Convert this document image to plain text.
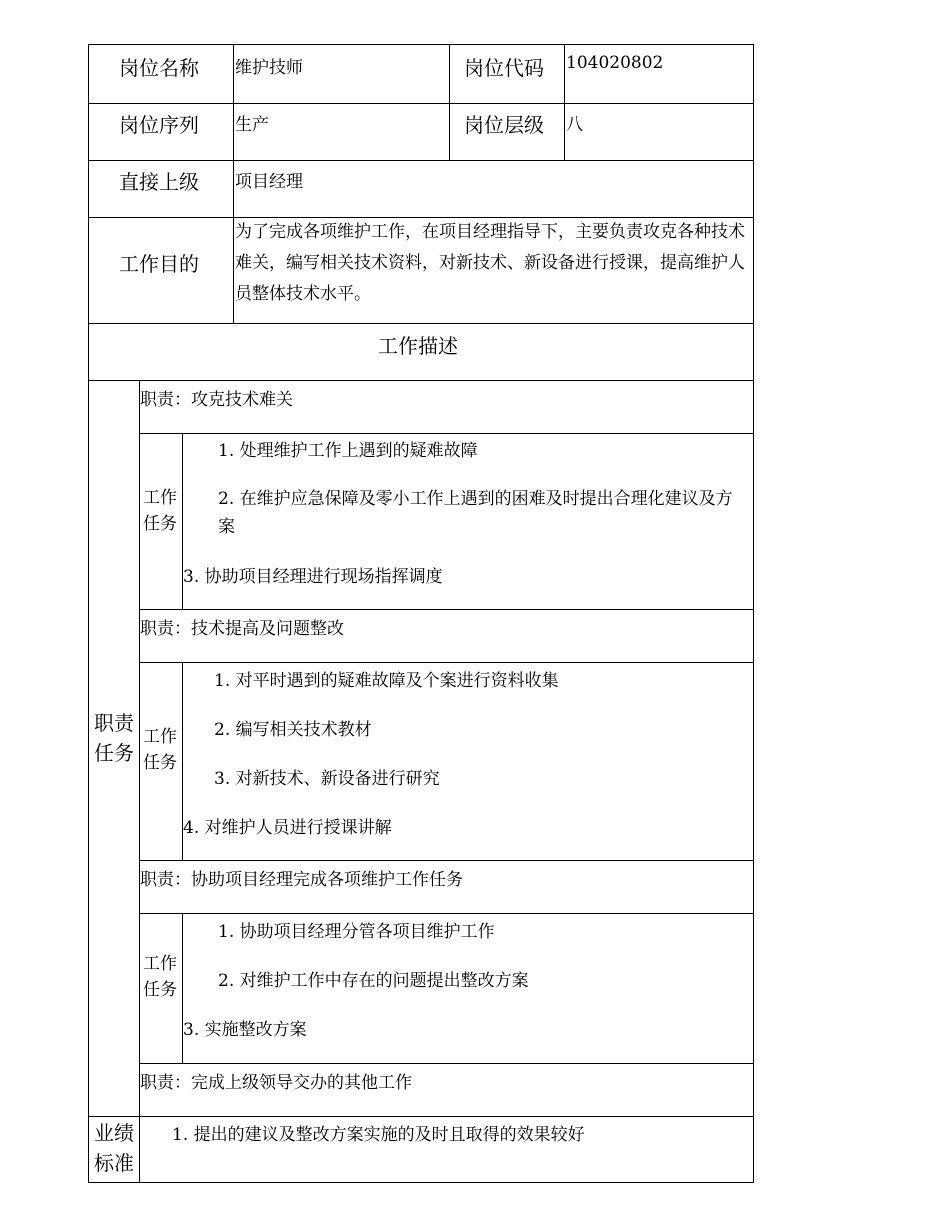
岗位名称 维护技师	岗位代码 104020802
岗位序列 生产	岗位层级 八
直接上级 项目经理
工作目的
为了完成各项维护工作，在项目经理指导下，主要负责攻克各种技术难关，编写相关技术资料，对新技术、新设备进行授课，提高维护人员整体技术水平。
工作描述
职责任务
职责：攻克技术难关
工作任务
1. 处理维护工作上遇到的疑难故障
2. 在维护应急保障及零小工作上遇到的困难及时提出合理化建议及方案
3. 协助项目经理进行现场指挥调度
职责：技术提高及问题整改
工作任务
1. 对平时遇到的疑难故障及个案进行资料收集
2. 编写相关技术教材
3. 对新技术、新设备进行研究
4. 对维护人员进行授课讲解
职责：协助项目经理完成各项维护工作任务
工作任务
1. 协助项目经理分管各项目维护工作
2. 对维护工作中存在的问题提出整改方案
3. 实施整改方案
职责：完成上级领导交办的其他工作
业绩标准
1. 提出的建议及整改方案实施的及时且取得的效果较好
